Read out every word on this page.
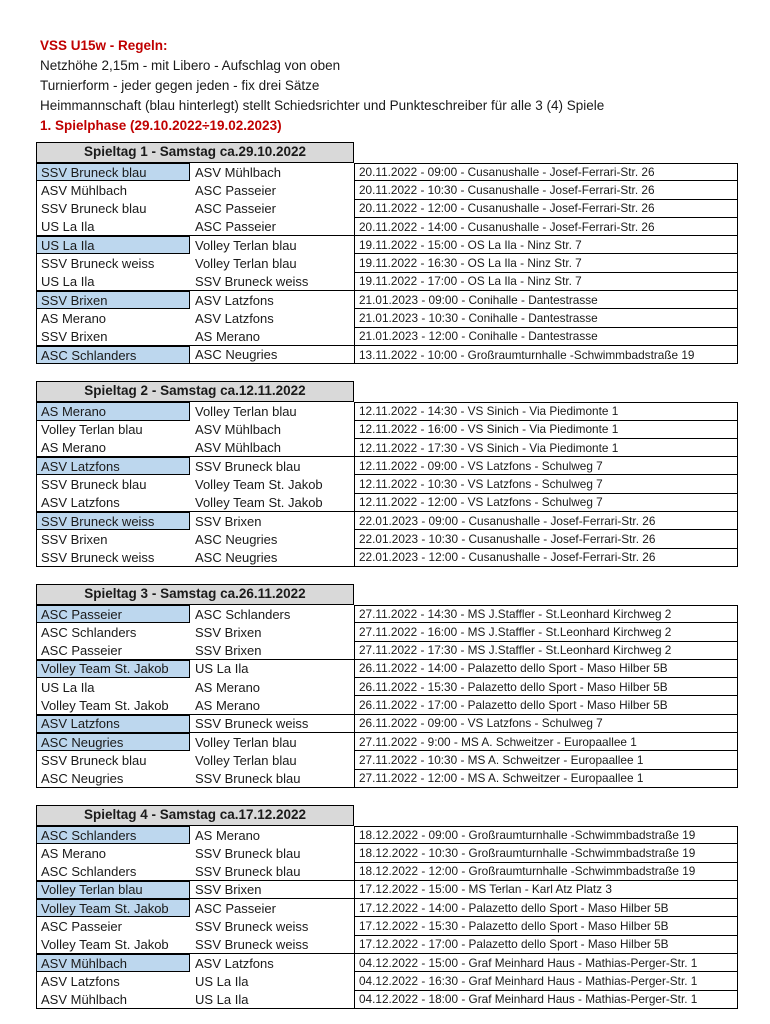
VSS U15w - Regeln:
Netzhöhe 2,15m - mit Libero - Aufschlag von oben
Turnierform - jeder gegen jeden - fix drei Sätze
Heimmannschaft (blau hinterlegt) stellt Schiedsrichter und Punkteschreiber für alle 3 (4) Spiele
1. Spielphase (29.10.2022÷19.02.2023)
Spieltag 1 - Samstag ca.29.10.2022
SSV Bruneck blau	ASV Mühlbach	20.11.2022 - 09:00 - Cusanushalle - Josef-Ferrari-Str. 26
ASV Mühlbach	ASC Passeier	20.11.2022 - 10:30 - Cusanushalle - Josef-Ferrari-Str. 26
SSV Bruneck blau	ASC Passeier	20.11.2022 - 12:00 - Cusanushalle - Josef-Ferrari-Str. 26
US La Ila	ASC Passeier	20.11.2022 - 14:00 - Cusanushalle - Josef-Ferrari-Str. 26
US La Ila	Volley Terlan blau	19.11.2022 - 15:00 - OS La Ila - Ninz Str. 7
SSV Bruneck weiss	Volley Terlan blau	19.11.2022 - 16:30 - OS La Ila - Ninz Str. 7
US La Ila	SSV Bruneck weiss	19.11.2022 - 17:00 - OS La Ila - Ninz Str. 7
SSV Brixen	ASV Latzfons	21.01.2023 - 09:00 - Conihalle - Dantestrasse
AS Merano	ASV Latzfons	21.01.2023 - 10:30 - Conihalle - Dantestrasse
SSV Brixen	AS Merano	21.01.2023 - 12:00 - Conihalle - Dantestrasse
ASC Schlanders	ASC Neugries	13.11.2022 - 10:00 - Großraumturnhalle -Schwimmbadstraße 19
Spieltag 2 - Samstag ca.12.11.2022
AS Merano	Volley Terlan blau	12.11.2022 - 14:30 - VS Sinich - Via Piedimonte 1
Volley Terlan blau	ASV Mühlbach	12.11.2022 - 16:00 - VS Sinich - Via Piedimonte 1
AS Merano	ASV Mühlbach	12.11.2022 - 17:30 - VS Sinich - Via Piedimonte 1
ASV Latzfons	SSV Bruneck blau	12.11.2022 - 09:00 - VS Latzfons - Schulweg 7
SSV Bruneck blau	Volley Team St. Jakob	12.11.2022 - 10:30 - VS Latzfons - Schulweg 7
ASV Latzfons	Volley Team St. Jakob	12.11.2022 - 12:00 - VS Latzfons - Schulweg 7
SSV Bruneck weiss	SSV Brixen	22.01.2023 - 09:00 - Cusanushalle - Josef-Ferrari-Str. 26
SSV Brixen	ASC Neugries	22.01.2023 - 10:30 - Cusanushalle - Josef-Ferrari-Str. 26
SSV Bruneck weiss	ASC Neugries	22.01.2023 - 12:00 - Cusanushalle - Josef-Ferrari-Str. 26
Spieltag 3 - Samstag ca.26.11.2022
ASC Passeier	ASC Schlanders	27.11.2022 - 14:30 - MS J.Staffler - St.Leonhard Kirchweg 2
ASC Schlanders	SSV Brixen	27.11.2022 - 16:00 - MS J.Staffler - St.Leonhard Kirchweg 2
ASC Passeier	SSV Brixen	27.11.2022 - 17:30 - MS J.Staffler - St.Leonhard Kirchweg 2
Volley Team St. Jakob	US La Ila	26.11.2022 - 14:00 - Palazetto dello Sport - Maso Hilber 5B
US La Ila	AS Merano	26.11.2022 - 15:30 - Palazetto dello Sport - Maso Hilber 5B
Volley Team St. Jakob	AS Merano	26.11.2022 - 17:00 - Palazetto dello Sport - Maso Hilber 5B
ASV Latzfons	SSV Bruneck weiss	26.11.2022 - 09:00 - VS Latzfons - Schulweg 7
ASC Neugries	Volley Terlan blau	27.11.2022 - 9:00 - MS A. Schweitzer - Europaallee 1
SSV Bruneck blau	Volley Terlan blau	27.11.2022 - 10:30 - MS A. Schweitzer - Europaallee 1
ASC Neugries	SSV Bruneck blau	27.11.2022 - 12:00 - MS A. Schweitzer - Europaallee 1
Spieltag 4 - Samstag ca.17.12.2022
ASC Schlanders	AS Merano	18.12.2022 - 09:00 - Großraumturnhalle -Schwimmbadstraße 19
AS Merano	SSV Bruneck blau	18.12.2022 - 10:30 - Großraumturnhalle -Schwimmbadstraße 19
ASC Schlanders	SSV Bruneck blau	18.12.2022 - 12:00 - Großraumturnhalle -Schwimmbadstraße 19
Volley Terlan blau	SSV Brixen	17.12.2022 - 15:00 - MS Terlan - Karl Atz Platz 3
Volley Team St. Jakob	ASC Passeier	17.12.2022 - 14:00 - Palazetto dello Sport - Maso Hilber 5B
ASC Passeier	SSV Bruneck weiss	17.12.2022 - 15:30 - Palazetto dello Sport - Maso Hilber 5B
Volley Team St. Jakob	SSV Bruneck weiss	17.12.2022 - 17:00 - Palazetto dello Sport - Maso Hilber 5B
ASV Mühlbach	ASV Latzfons	04.12.2022 - 15:00 - Graf Meinhard Haus - Mathias-Perger-Str. 1
ASV Latzfons	US La Ila	04.12.2022 - 16:30 - Graf Meinhard Haus - Mathias-Perger-Str. 1
ASV Mühlbach	US La Ila	04.12.2022 - 18:00 - Graf Meinhard Haus - Mathias-Perger-Str. 1
